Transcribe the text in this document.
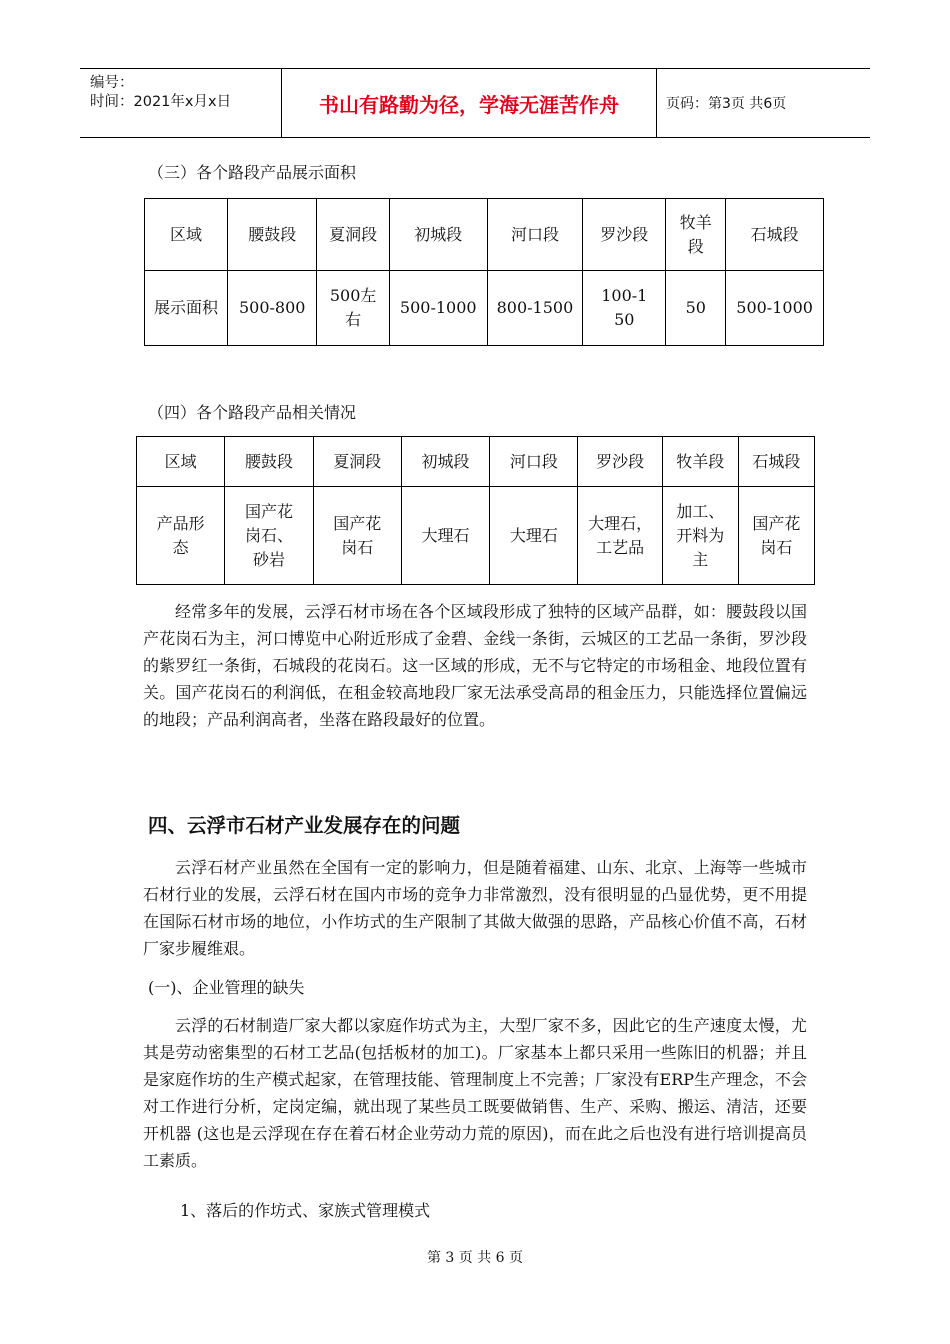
编号：
时间：2021年x月x日	书山有路勤为径，学海无涯苦作舟	页码：第3页 共6页
（三）各个路段产品展示面积
区域	腰鼓段	夏洞段	初城段	河口段	罗沙段	牧羊段	石城段
展示面积	500-800	500左右	500-1000	800-1500	100-150	50	500-1000
（四）各个路段产品相关情况
区域	腰鼓段	夏洞段	初城段	河口段	罗沙段	牧羊段	石城段
产品形态	国产花岗石、砂岩	国产花岗石	大理石	大理石	大理石，工艺品	加工、开料为主	国产花岗石

经常多年的发展，云浮石材市场在各个区域段形成了独特的区域产品群，如：腰鼓段以国产花岗石为主，河口博览中心附近形成了金碧、金线一条街，云城区的工艺品一条街，罗沙段的紫罗红一条街，石城段的花岗石。这一区域的形成，无不与它特定的市场租金、地段位置有关。国产花岗石的利润低，在租金较高地段厂家无法承受高昂的租金压力，只能选择位置偏远的地段；产品利润高者，坐落在路段最好的位置。

四、云浮市石材产业发展存在的问题

云浮石材产业虽然在全国有一定的影响力，但是随着福建、山东、北京、上海等一些城市石材行业的发展，云浮石材在国内市场的竞争力非常激烈，没有很明显的凸显优势，更不用提在国际石材市场的地位，小作坊式的生产限制了其做大做强的思路，产品核心价值不高，石材厂家步履维艰。

(一)、企业管理的缺失

云浮的石材制造厂家大都以家庭作坊式为主，大型厂家不多，因此它的生产速度太慢，尤其是劳动密集型的石材工艺品(包括板材的加工)。厂家基本上都只采用一些陈旧的机器；并且是家庭作坊的生产模式起家，在管理技能、管理制度上不完善；厂家没有ERP生产理念，不会对工作进行分析，定岗定编，就出现了某些员工既要做销售、生产、采购、搬运、清洁，还要开机器 (这也是云浮现在存在着石材企业劳动力荒的原因)，而在此之后也没有进行培训提高员工素质。

1、落后的作坊式、家族式管理模式
第 3 页 共 6 页
